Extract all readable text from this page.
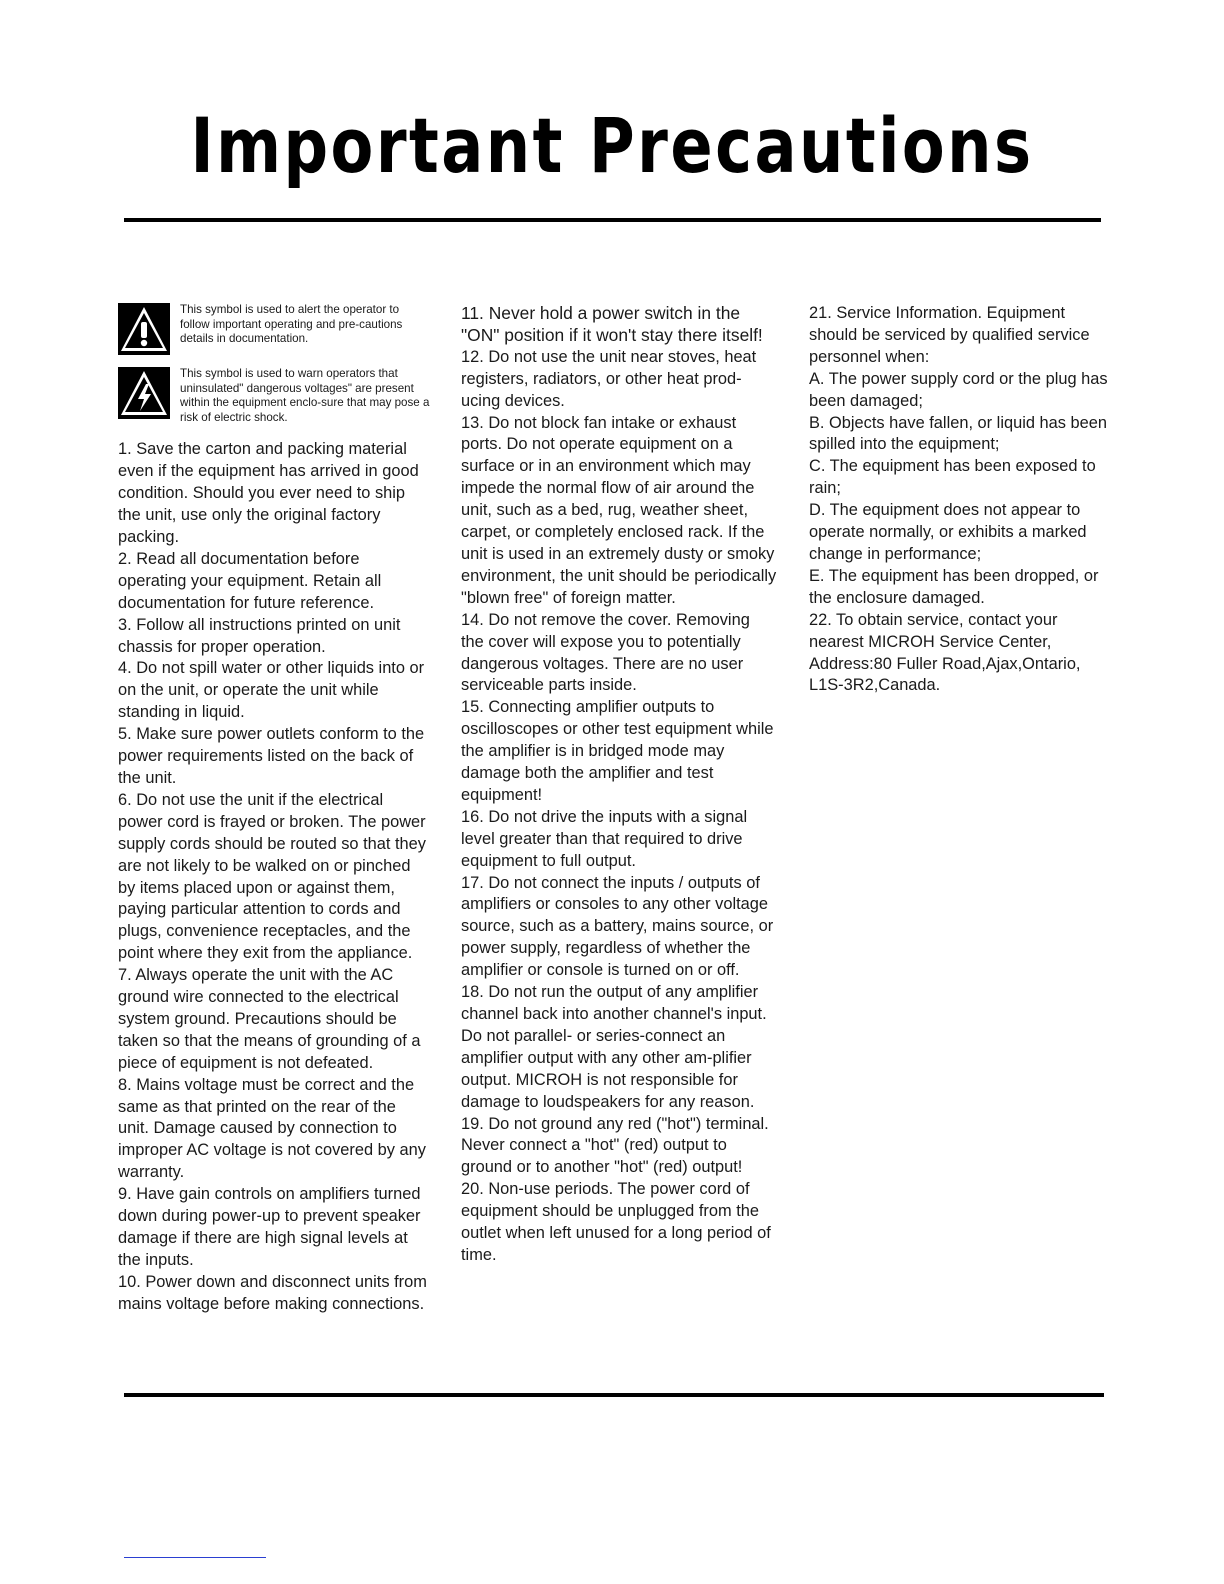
Important Precautions
This symbol is used to alert the operator to follow important operating and pre-cautions details in documentation.
This symbol is used to warn operators that uninsulated" dangerous voltages" are present within the equipment enclo-sure that may pose a risk of electric shock.

1. Save the carton and packing material even if the equipment has arrived in good condition. Should you ever need to ship the unit, use only the original factory packing.

2. Read all documentation before operating your equipment. Retain all documentation for future reference.

3. Follow all instructions printed on unit chassis for proper operation.

4. Do not spill water or other liquids into or on the unit, or operate the unit while standing in liquid.

5. Make sure power outlets conform to the power requirements listed on the back of the unit.

6. Do not use the unit if the electrical power cord is frayed or broken. The power supply cords should be routed so that they are not likely to be walked on or pinched by items placed upon or against them, paying particular attention to cords and plugs, convenience receptacles, and the point where they exit from the appliance.

7. Always operate the unit with the AC ground wire connected to the electrical system ground. Precautions should be taken so that the means of grounding of a piece of equipment is not defeated.

8. Mains voltage must be correct and the same as that printed on the rear of the unit. Damage caused by connection to improper AC voltage is not covered by any warranty.

9. Have gain controls on amplifiers turned down during power-up to prevent speaker damage if there are high signal levels at the inputs.

10. Power down and disconnect units from mains voltage before making connections.

11. Never hold a power switch in the "ON" position if it won't stay there itself!

12. Do not use the unit near stoves, heat registers, radiators, or other heat prod-ucing devices.

13. Do not block fan intake or exhaust ports. Do not operate equipment on a surface or in an environment which may impede the normal flow of air around the unit, such as a bed, rug, weather sheet, carpet, or completely enclosed rack. If the unit is used in an extremely dusty or smoky environment, the unit should be periodically "blown free" of foreign matter.

14. Do not remove the cover. Removing the cover will expose you to potentially dangerous voltages. There are no user serviceable parts inside.

15. Connecting amplifier outputs to oscilloscopes or other test equipment while the amplifier is in bridged mode may damage both the amplifier and test equipment!

16. Do not drive the inputs with a signal level greater than that required to drive equipment to full output.

17. Do not connect the inputs / outputs of amplifiers or consoles to any other voltage source, such as a battery, mains source, or power supply, regardless of whether the amplifier or console is turned on or off.

18. Do not run the output of any amplifier channel back into another channel's input. Do not parallel- or series-connect an amplifier output with any other am-plifier output. MICROH is not responsible for damage to loudspeakers for any reason.

19. Do not ground any red ("hot") terminal. Never connect a "hot" (red) output to ground or to another "hot" (red) output!

20. Non-use periods. The power cord of equipment should be unplugged from the outlet when left unused for a long period of time.

21. Service Information. Equipment should be serviced by qualified service personnel when:

A. The power supply cord or the plug has been damaged;

B. Objects have fallen, or liquid has been spilled into the equipment;

C. The equipment has been exposed to rain;

D. The equipment does not appear to operate normally, or exhibits a marked change in performance;

E. The equipment has been dropped, or the enclosure damaged.

22. To obtain service, contact your nearest MICROH Service Center,

Address:80 Fuller Road,Ajax,Ontario,

L1S-3R2,Canada.
